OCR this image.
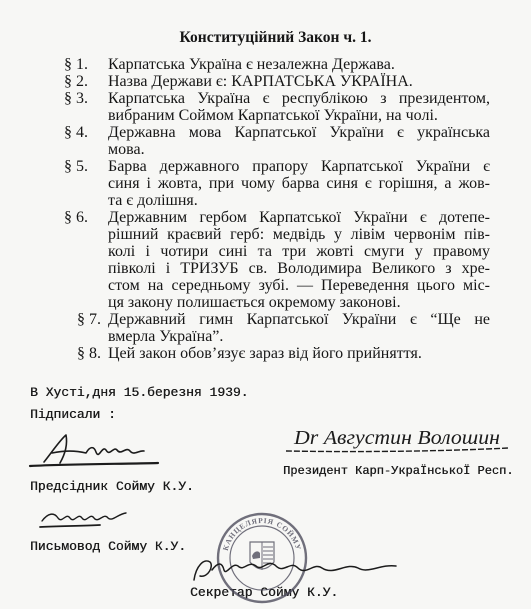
Конституційний Закон ч. 1.
§ 1. Карпатська Україна є незалежна Держава.
§ 2. Назва Держави є: КАРПАТСЬКА УКРАЇНА.
§ 3. Карпатська Україна є республікою з президентом,
вибраним Соймом Карпатської України, на чолі.
§ 4. Державна мова Карпатської України є українська
мова.
§ 5. Барва державного прапору Карпатської України є
синя і жовта, при чому барва синя є горішня, а жов-
та є долішня.
§ 6. Державним гербом Карпатської України є дотепе-
рішний краєвий герб: медвідь у лівім червонім пів-
колі і чотири сині та три жовті смуги у правому
півколі і ТРИЗУБ св. Володимира Великого з хре-
стом на середньому зубі. — Переведення цього міс-
ця закону полишається окремому законові.
§ 7. Державний гимн Карпатської України є “Ще не
вмерла Україна”.
§ 8. Цей закон обов’язує зараз від його прийняття.
В Хусті,дня 15.березня 1939.
Підписали :
Предсідник Сойму К.У.
Президент Карп-УкраЇнськоЇ Респ.
Письмовод Сойму К.У.
Секретар Сойму К.У.
Dr Августин Волошин
КАНЦЕЛЯРІЯ СОЙМУ
